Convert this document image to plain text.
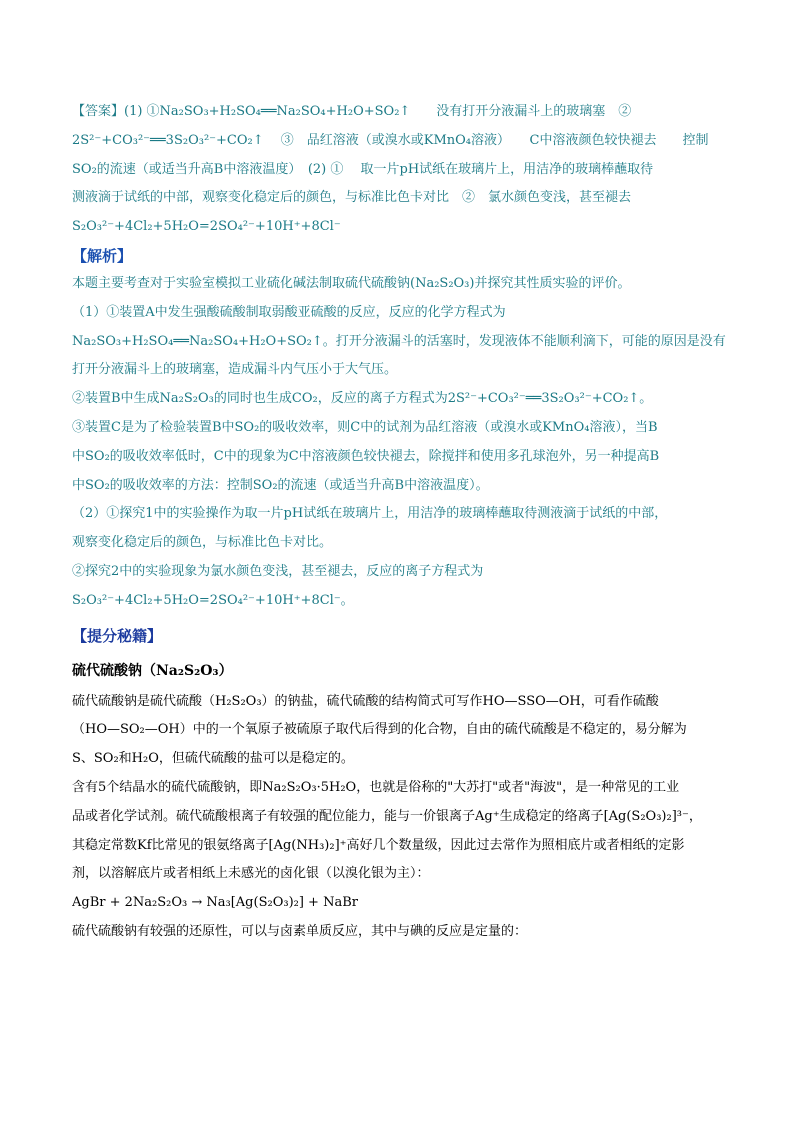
【答案】(1) ①Na₂SO₃+H₂SO₄══Na₂SO₄+H₂O+SO₂↑　　没有打开分液漏斗上的玻璃塞　②
2S²⁻+CO₃²⁻══3S₂O₃²⁻+CO₂↑　 ③　品红溶液（或溴水或KMnO₄溶液）　　C中溶液颜色较快褪去　　控制
SO₂的流速（或适当升高B中溶液温度）　(2) ①　 取一片pH试纸在玻璃片上，用洁净的玻璃棒蘸取待
测液滴于试纸的中部，观察变化稳定后的颜色，与标准比色卡对比　②　氯水颜色变浅，甚至褪去
S₂O₃²⁻+4Cl₂+5H₂O=2SO₄²⁻+10H⁺+8Cl⁻
【解析】
本题主要考查对于实验室模拟工业硫化碱法制取硫代硫酸钠(Na₂S₂O₃)并探究其性质实验的评价。
（1）①装置A中发生强酸硫酸制取弱酸亚硫酸的反应，反应的化学方程式为
Na₂SO₃+H₂SO₄══Na₂SO₄+H₂O+SO₂↑。打开分液漏斗的活塞时，发现液体不能顺利滴下，可能的原因是没有
打开分液漏斗上的玻璃塞，造成漏斗内气压小于大气压。
②装置B中生成Na₂S₂O₃的同时也生成CO₂，反应的离子方程式为2S²⁻+CO₃²⁻══3S₂O₃²⁻+CO₂↑。
③装置C是为了检验装置B中SO₂的吸收效率，则C中的试剂为品红溶液（或溴水或KMnO₄溶液），当B
中SO₂的吸收效率低时，C中的现象为C中溶液颜色较快褪去，除搅拌和使用多孔球泡外，另一种提高B
中SO₂的吸收效率的方法：控制SO₂的流速（或适当升高B中溶液温度）。
（2）①探究1中的实验操作为取一片pH试纸在玻璃片上，用洁净的玻璃棒蘸取待测液滴于试纸的中部，
观察变化稳定后的颜色，与标准比色卡对比。
②探究2中的实验现象为氯水颜色变浅，甚至褪去，反应的离子方程式为
S₂O₃²⁻+4Cl₂+5H₂O=2SO₄²⁻+10H⁺+8Cl⁻。
【提分秘籍】
硫代硫酸钠（Na₂S₂O₃）
硫代硫酸钠是硫代硫酸（H₂S₂O₃）的钠盐，硫代硫酸的结构简式可写作HO—SSO—OH，可看作硫酸
（HO—SO₂—OH）中的一个氧原子被硫原子取代后得到的化合物，自由的硫代硫酸是不稳定的，易分解为
S、SO₂和H₂O，但硫代硫酸的盐可以是稳定的。
含有5个结晶水的硫代硫酸钠，即Na₂S₂O₃·5H₂O，也就是俗称的"大苏打"或者"海波"，是一种常见的工业
品或者化学试剂。硫代硫酸根离子有较强的配位能力，能与一价银离子Ag⁺生成稳定的络离子[Ag(S₂O₃)₂]³⁻，
其稳定常数Kf比常见的银氨络离子[Ag(NH₃)₂]⁺高好几个数量级，因此过去常作为照相底片或者相纸的定影
剂，以溶解底片或者相纸上未感光的卤化银（以溴化银为主）：
AgBr + 2Na₂S₂O₃ → Na₃[Ag(S₂O₃)₂] + NaBr
硫代硫酸钠有较强的还原性，可以与卤素单质反应，其中与碘的反应是定量的：
